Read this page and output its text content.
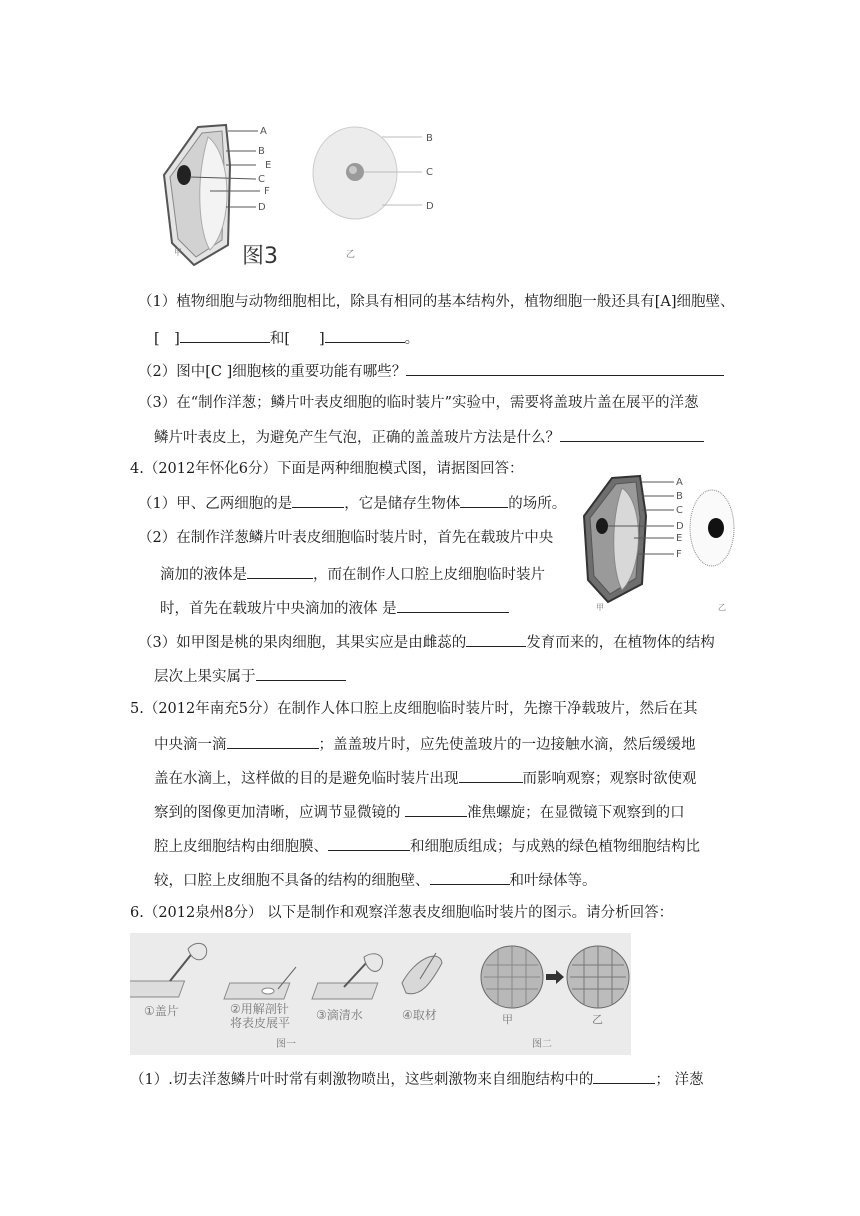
A
B
E
C
F
D
甲	图3
B
C
D
乙
（1）植物细胞与动物细胞相比，除具有相同的基本结构外，植物细胞一般还具有[A]细胞壁、
[　]	和[　　]	。
（2）图中[C ]细胞核的重要功能有哪些？
（3）在“制作洋葱；鳞片叶表皮细胞的临时装片”实验中，需要将盖玻片盖在展平的洋葱
鳞片叶表皮上，为避免产生气泡，正确的盖盖玻片方法是什么？
4.（2012年怀化6分）下面是两种细胞模式图，请据图回答：
（1）甲、乙两细胞的是	，它是储存生物体	的场所。
（2）在制作洋葱鳞片叶表皮细胞临时装片时，首先在载玻片中央
滴加的液体是	，而在制作人口腔上皮细胞临时装片
时，首先在载玻片中央滴加的液体 是
（3）如甲图是桃的果肉细胞，其果实应是由雌蕊的	发育而来的，在植物体的结构
层次上果实属于
A
B
C
D
E
F
甲	乙
5.（2012年南充5分）在制作人体口腔上皮细胞临时装片时，先擦干净载玻片，然后在其
中央滴一滴	；盖盖玻片时，应先使盖玻片的一边接触水滴，然后缓缓地
盖在水滴上，这样做的目的是避免临时装片出现	而影响观察；观察时欲使观
察到的图像更加清晰，应调节显微镜的	准焦螺旋；在显微镜下观察到的口
腔上皮细胞结构由细胞膜、	和细胞质组成；与成熟的绿色植物细胞结构比
较，口腔上皮细胞不具备的结构的细胞壁、	和叶绿体等。
6.（2012泉州8分） 以下是制作和观察洋葱表皮细胞临时装片的图示。请分析回答：
①盖片	②用解剖针
将表皮展平
③滴清水	④取材
图一
甲	乙
图二
（1）.切去洋葱鳞片叶时常有刺激物喷出，这些刺激物来自细胞结构中的	； 洋葱
